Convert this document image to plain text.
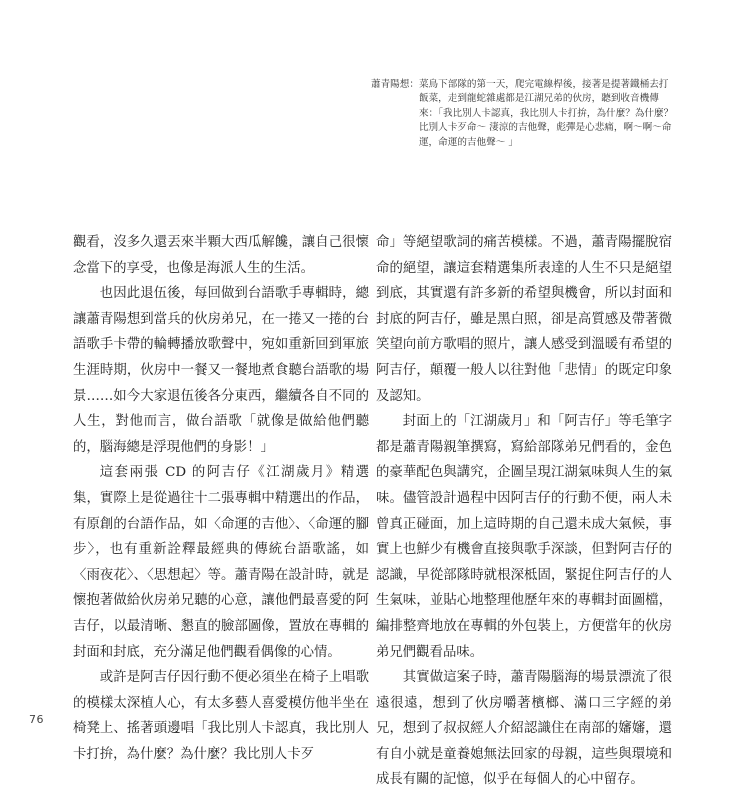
蕭青陽想： 菜鳥下部隊的第一天，爬完電線桿後，接著是提著鐵桶去打飯菜，走到龍蛇雜處都是江湖兄弟的伙房，聽到收音機傳來：「我比別人卡認真，我比別人卡打拚，為什麼？為什麼？比別人卡歹命～ 淒涼的吉他聲，彪彈是心悲痛，啊～啊～命運，命運的吉他聲～ 」

觀看，沒多久還丟來半顆大西瓜解饞，讓自己很懷念當下的享受，也像是海派人生的生活。

也因此退伍後，每回做到台語歌手專輯時，總讓蕭青陽想到當兵的伙房弟兄，在一捲又一捲的台語歌手卡帶的輪轉播放歌聲中，宛如重新回到軍旅生涯時期，伙房中一餐又一餐地煮食聽台語歌的場景……如今大家退伍後各分東西，繼續各自不同的人生，對他而言，做台語歌「就像是做給他們聽的，腦海總是浮現他們的身影！」

這套兩張 CD 的阿吉仔《江湖歲月》精選集，實際上是從過往十二張專輯中精選出的作品，有原創的台語作品，如〈命運的吉他〉、〈命運的腳步〉，也有重新詮釋最經典的傳統台語歌謠，如〈雨夜花〉、〈思想起〉等。蕭青陽在設計時，就是懷抱著做給伙房弟兄聽的心意，讓他們最喜愛的阿吉仔，以最清晰、懇直的臉部圖像，置放在專輯的封面和封底，充分滿足他們觀看偶像的心情。

或許是阿吉仔因行動不便必須坐在椅子上唱歌的模樣太深植人心，有太多藝人喜愛模仿他半坐在椅凳上、搖著頭邊唱「我比別人卡認真，我比別人卡打拚，為什麼？為什麼？我比別人卡歹

命」等絕望歌詞的痛苦模樣。不過，蕭青陽擺脫宿命的絕望，讓這套精選集所表達的人生不只是絕望到底，其實還有許多新的希望與機會，所以封面和封底的阿吉仔，雖是黑白照，卻是高質感及帶著微笑望向前方歌唱的照片，讓人感受到溫暖有希望的阿吉仔，顛覆一般人以往對他「悲情」的既定印象及認知。

封面上的「江湖歲月」和「阿吉仔」等毛筆字都是蕭青陽親筆撰寫，寫給部隊弟兄們看的，金色的豪華配色與講究，企圖呈現江湖氣味與人生的氣味。儘管設計過程中因阿吉仔的行動不便，兩人未曾真正碰面，加上這時期的自己還未成大氣候，事實上也鮮少有機會直接與歌手深談，但對阿吉仔的認識，早從部隊時就根深柢固，緊捉住阿吉仔的人生氣味，並貼心地整理他歷年來的專輯封面圖檔，編排整齊地放在專輯的外包裝上，方便當年的伙房弟兄們觀看品味。

其實做這案子時，蕭青陽腦海的場景漂流了很遠很遠，想到了伙房嚼著檳榔、滿口三字經的弟兄，想到了叔叔經人介紹認識住在南部的嬸嬸，還有自小就是童養媳無法回家的母親，這些與環境和成長有關的記憶，似乎在每個人的心中留存。

76
